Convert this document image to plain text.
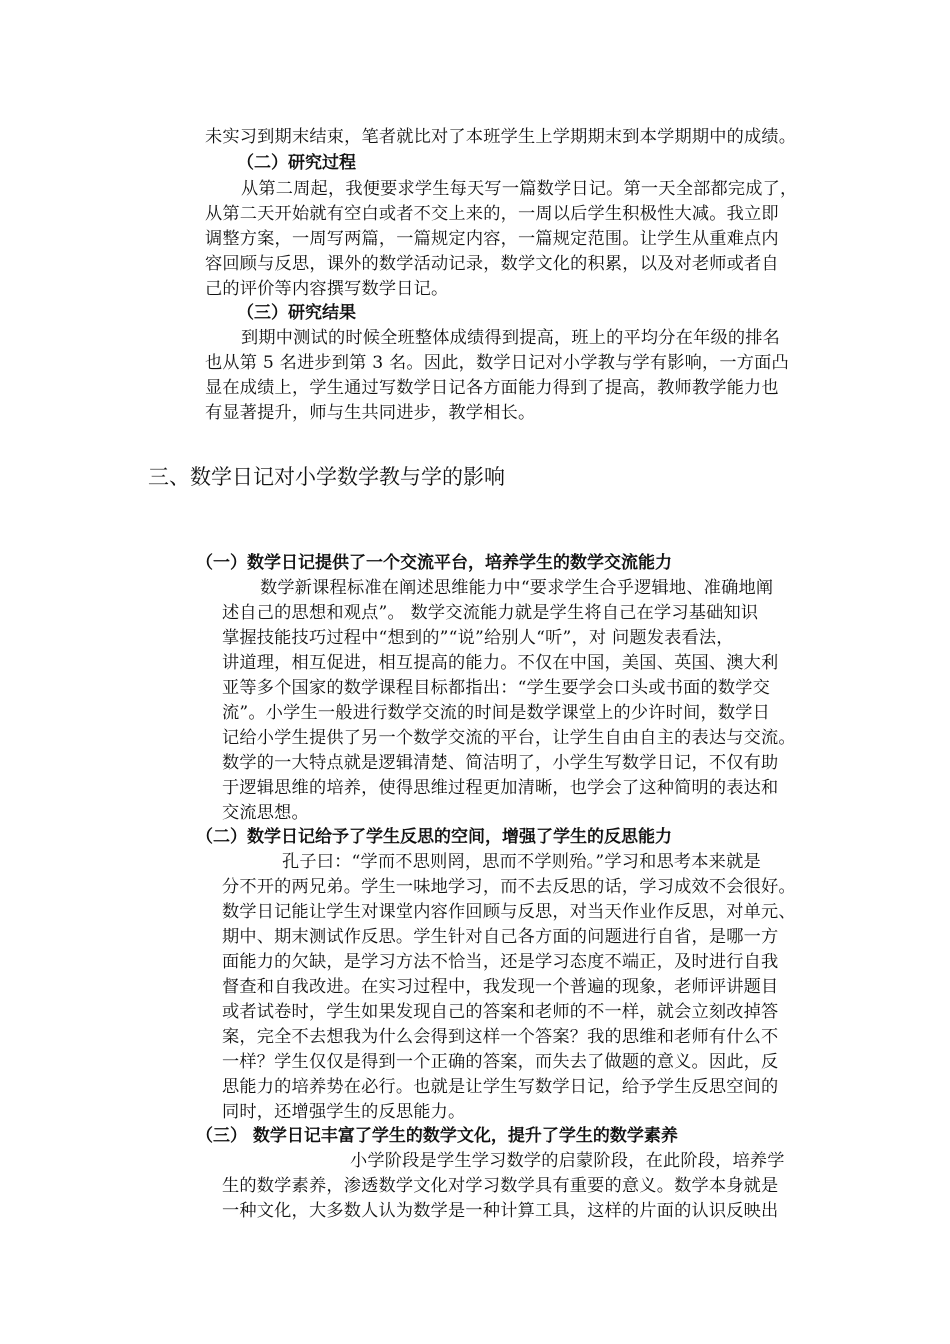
未实习到期末结束，笔者就比对了本班学生上学期期末到本学期期中的成绩。
（二）研究过程
从第二周起，我便要求学生每天写一篇数学日记。第一天全部都完成了，
从第二天开始就有空白或者不交上来的，一周以后学生积极性大减。我立即
调整方案，一周写两篇，一篇规定内容，一篇规定范围。让学生从重难点内
容回顾与反思，课外的数学活动记录，数学文化的积累，以及对老师或者自
己的评价等内容撰写数学日记。
（三）研究结果
到期中测试的时候全班整体成绩得到提高，班上的平均分在年级的排名
也从第 5 名进步到第 3 名。因此，数学日记对小学教与学有影响，一方面凸
显在成绩上，学生通过写数学日记各方面能力得到了提高，教师教学能力也
有显著提升，师与生共同进步，教学相长。
三、数学日记对小学数学教与学的影响
（一）数学日记提供了一个交流平台，培养学生的数学交流能力
数学新课程标准在阐述思维能力中“要求学生合乎逻辑地、准确地阐
述自己的思想和观点”。 数学交流能力就是学生将自己在学习基础知识
掌握技能技巧过程中“想到的”“说”给别人“听”，对 问题发表看法，
讲道理，相互促进，相互提高的能力。不仅在中国，美国、英国、澳大利
亚等多个国家的数学课程目标都指出：“学生要学会口头或书面的数学交
流”。小学生一般进行数学交流的时间是数学课堂上的少许时间，数学日
记给小学生提供了另一个数学交流的平台，让学生自由自主的表达与交流。
数学的一大特点就是逻辑清楚、简洁明了，小学生写数学日记，不仅有助
于逻辑思维的培养，使得思维过程更加清晰，也学会了这种简明的表达和
交流思想。
（二）数学日记给予了学生反思的空间，增强了学生的反思能力
孔子曰：“学而不思则罔，思而不学则殆。”学习和思考本来就是
分不开的两兄弟。学生一味地学习，而不去反思的话，学习成效不会很好。
数学日记能让学生对课堂内容作回顾与反思，对当天作业作反思，对单元、
期中、期末测试作反思。学生针对自己各方面的问题进行自省，是哪一方
面能力的欠缺，是学习方法不恰当，还是学习态度不端正，及时进行自我
督查和自我改进。在实习过程中，我发现一个普遍的现象，老师评讲题目
或者试卷时，学生如果发现自己的答案和老师的不一样，就会立刻改掉答
案，完全不去想我为什么会得到这样一个答案？我的思维和老师有什么不
一样？学生仅仅是得到一个正确的答案，而失去了做题的意义。因此，反
思能力的培养势在必行。也就是让学生写数学日记，给予学生反思空间的
同时，还增强学生的反思能力。
（三） 数学日记丰富了学生的数学文化，提升了学生的数学素养
小学阶段是学生学习数学的启蒙阶段，在此阶段，培养学
生的数学素养，渗透数学文化对学习数学具有重要的意义。数学本身就是
一种文化，大多数人认为数学是一种计算工具，这样的片面的认识反映出
